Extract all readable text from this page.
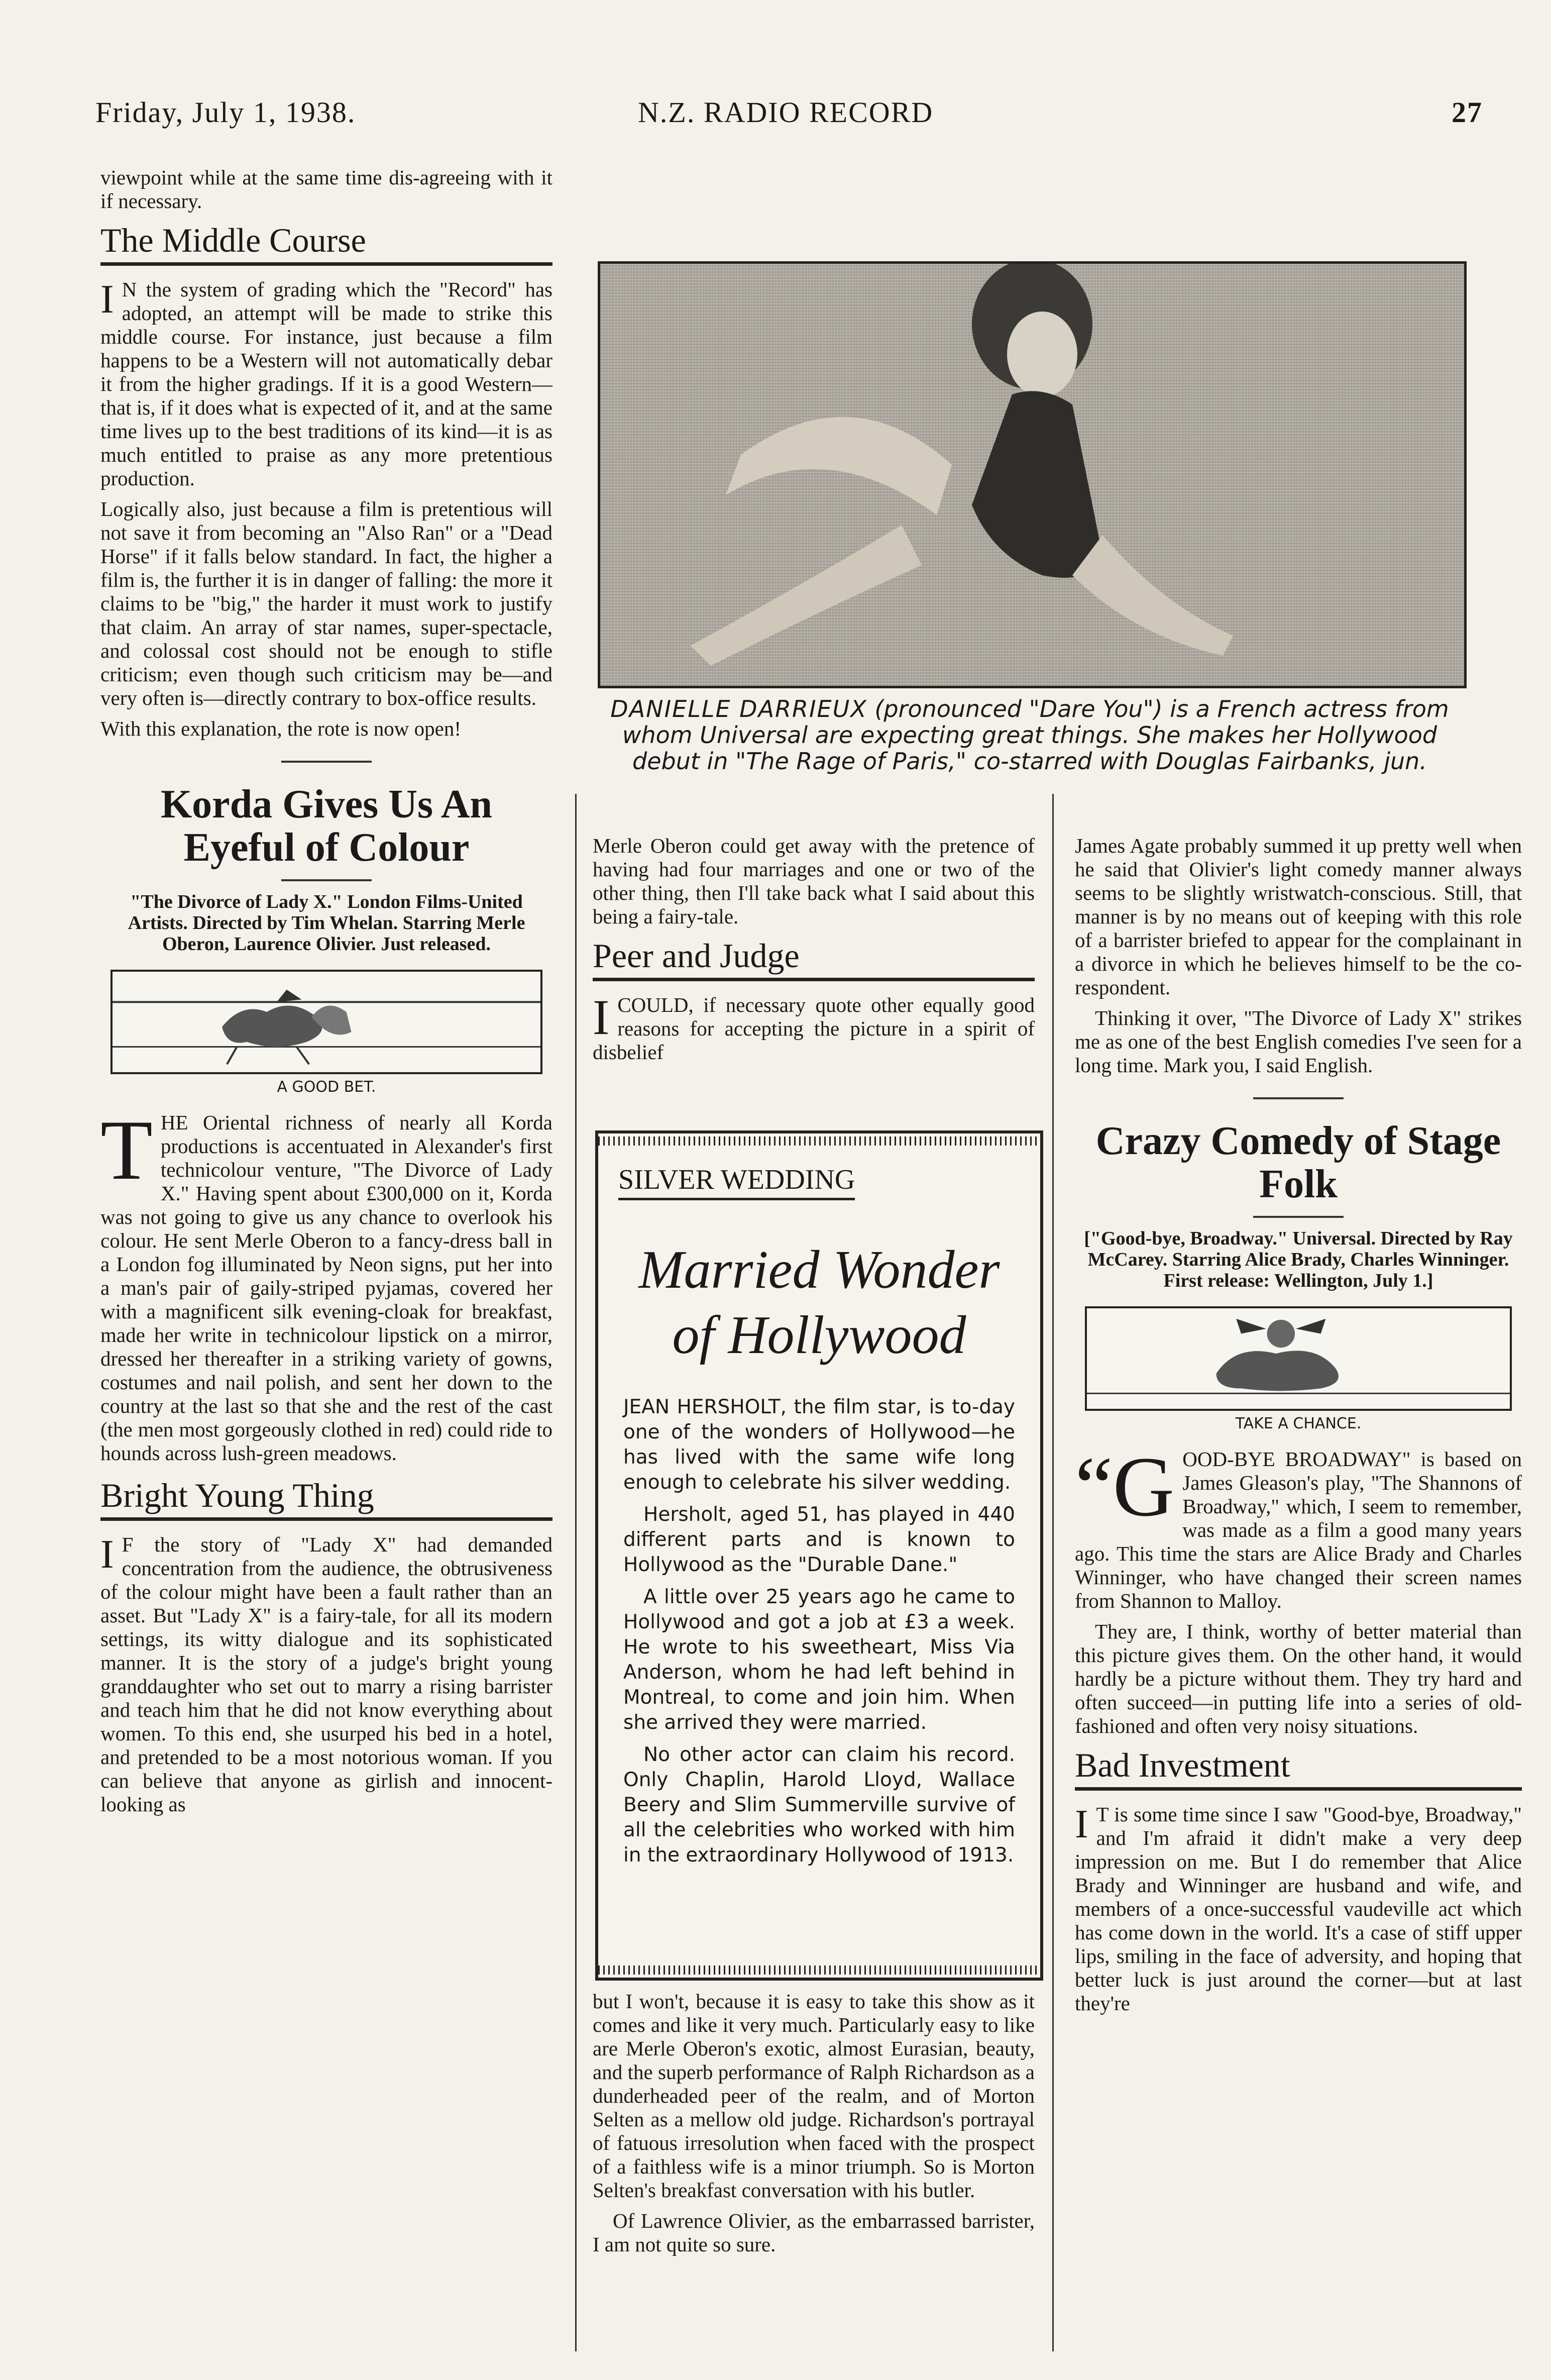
Friday, July 1, 1938.	N.Z. RADIO RECORD	27

viewpoint while at the same time dis-agreeing with it if necessary.

The Middle Course

I N the system of grading which the "Record" has adopted, an attempt will be made to strike this middle course. For instance, just because a film happens to be a Western will not automatically debar it from the higher gradings. If it is a good Western—that is, if it does what is expected of it, and at the same time lives up to the best traditions of its kind—it is as much entitled to praise as any more pretentious production.

Logically also, just because a film is pretentious will not save it from becoming an "Also Ran" or a "Dead Horse" if it falls below standard. In fact, the higher a film is, the further it is in danger of falling: the more it claims to be "big," the harder it must work to justify that claim. An array of star names, super-spectacle, and colossal cost should not be enough to stifle criticism; even though such criticism may be—and very often is—directly contrary to box-office results.

With this explanation, the rote is now open!

Korda Gives Us An Eyeful of Colour
"The Divorce of Lady X." London Films-United Artists. Directed by Tim Whelan. Starring Merle Oberon, Laurence Olivier. Just released.
A GOOD BET.

THE Oriental richness of nearly all Korda productions is accentuated in Alexander's first technicolour venture, "The Divorce of Lady X." Having spent about £300,000 on it, Korda was not going to give us any chance to overlook his colour. He sent Merle Oberon to a fancy-dress ball in a London fog illuminated by Neon signs, put her into a man's pair of gaily-striped pyjamas, covered her with a magnificent silk evening-cloak for breakfast, made her write in technicolour lipstick on a mirror, dressed her thereafter in a striking variety of gowns, costumes and nail polish, and sent her down to the country at the last so that she and the rest of the cast (the men most gorgeously clothed in red) could ride to hounds across lush-green meadows.

Bright Young Thing

I F the story of "Lady X" had demanded concentration from the audience, the obtrusiveness of the colour might have been a fault rather than an asset. But "Lady X" is a fairy-tale, for all its modern settings, its witty dialogue and its sophisticated manner. It is the story of a judge's bright young granddaughter who set out to marry a rising barrister and teach him that he did not know everything about women. To this end, she usurped his bed in a hotel, and pretended to be a most notorious woman. If you can believe that anyone as girlish and innocent-looking as

DANIELLE DARRIEUX (pronounced "Dare You") is a French actress from whom Universal are expecting great things. She makes her Hollywood debut in "The Rage of Paris," co-starred with Douglas Fairbanks, jun.

Merle Oberon could get away with the pretence of having had four marriages and one or two of the other thing, then I'll take back what I said about this being a fairy-tale.

Peer and Judge

ICOULD, if necessary quote other equally good reasons for accepting the picture in a spirit of disbelief

SILVER WEDDING
Married Wonder
of Hollywood

JEAN HERSHOLT, the film star, is to-day one of the wonders of Hollywood—he has lived with the same wife long enough to celebrate his silver wedding.

Hersholt, aged 51, has played in 440 different parts and is known to Hollywood as the "Durable Dane."

A little over 25 years ago he came to Hollywood and got a job at £3 a week. He wrote to his sweetheart, Miss Via Anderson, whom he had left behind in Montreal, to come and join him. When she arrived they were married.

No other actor can claim his record. Only Chaplin, Harold Lloyd, Wallace Beery and Slim Summerville survive of all the celebrities who worked with him in the extraordinary Hollywood of 1913.

but I won't, because it is easy to take this show as it comes and like it very much. Particularly easy to like are Merle Oberon's exotic, almost Eurasian, beauty, and the superb performance of Ralph Richardson as a dunderheaded peer of the realm, and of Morton Selten as a mellow old judge. Richardson's portrayal of fatuous irresolution when faced with the prospect of a faithless wife is a minor triumph. So is Morton Selten's breakfast conversation with his butler.

Of Lawrence Olivier, as the embarrassed barrister, I am not quite so sure.

James Agate probably summed it up pretty well when he said that Olivier's light comedy manner always seems to be slightly wristwatch-conscious. Still, that manner is by no means out of keeping with this role of a barrister briefed to appear for the complainant in a divorce in which he believes himself to be the co-respondent.

Thinking it over, "The Divorce of Lady X" strikes me as one of the best English comedies I've seen for a long time. Mark you, I said English.

Crazy Comedy of Stage Folk
["Good-bye, Broadway." Universal. Directed by Ray McCarey. Starring Alice Brady, Charles Winninger. First release: Wellington, July 1.]
TAKE A CHANCE.

“GOOD-BYE BROADWAY" is based on James Gleason's play, "The Shannons of Broadway," which, I seem to remember, was made as a film a good many years ago. This time the stars are Alice Brady and Charles Winninger, who have changed their screen names from Shannon to Malloy.

They are, I think, worthy of better material than this picture gives them. On the other hand, it would hardly be a picture without them. They try hard and often succeed—in putting life into a series of old-fashioned and often very noisy situations.

Bad Investment

I T is some time since I saw "Good-bye, Broadway," and I'm afraid it didn't make a very deep impression on me. But I do remember that Alice Brady and Winninger are husband and wife, and members of a once-successful vaudeville act which has come down in the world. It's a case of stiff upper lips, smiling in the face of adversity, and hoping that better luck is just around the corner—but at last they're
